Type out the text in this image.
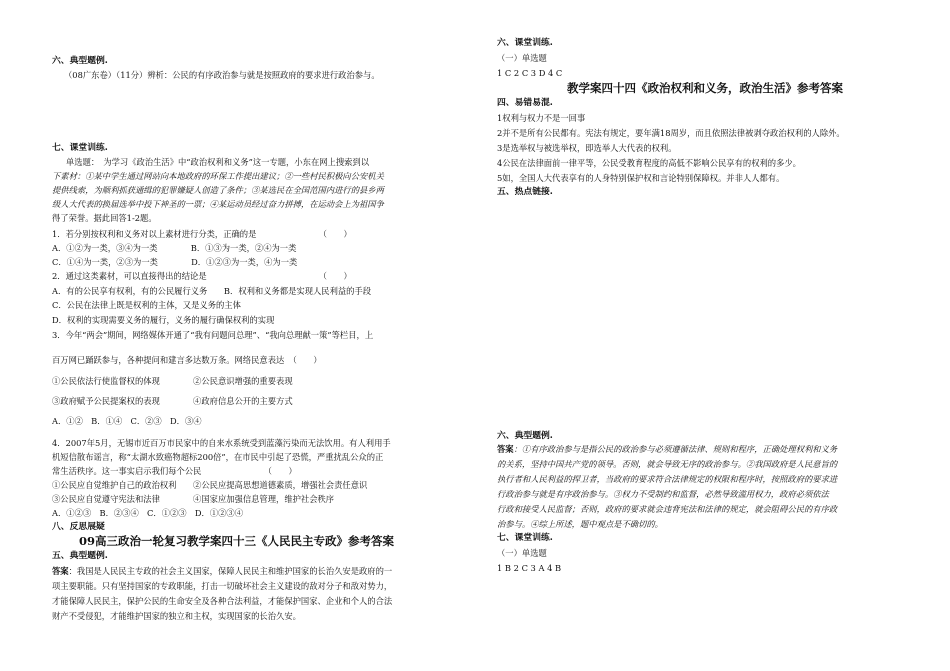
六、典型题例.
（08广东卷）（11分）辨析：公民的有序政治参与就是按照政府的要求进行政治参与。
七、课堂训练.
单选题：　为学习《政治生活》中“政治权利和义务”这一专题，小东在网上搜索到以
下素材：①某中学生通过网站向本地政府的环保工作提出建议；②一些村民积极向公安机关
提供线索，为顺利抓获通缉的犯罪嫌疑人创造了条件；③某选民在全国范围内进行的县乡两
级人大代表的换届选举中投下神圣的一票；④某运动员经过奋力拼搏，在运动会上为祖国争
得了荣誉。据此回答1-2题。
1．若分别按权利和义务对以上素材进行分类，正确的是　　　　　　　　（　　）
A．①②为一类，③④为一类　　　　B．①③为一类，②④为一类
C．①④为一类，②③为一类　　　　D．①②③为一类，④为一类
2．通过这类素材，可以直接得出的结论是　　　　　　　　　　　　　　（　　）
A．有的公民享有权利，有的公民履行义务　　B．权利和义务都是实现人民利益的手段
C．公民在法律上既是权利的主体，又是义务的主体
D．权利的实现需要义务的履行，义务的履行确保权利的实现
3．今年“两会”期间，网络媒体开通了“我有问题问总理”、“我向总理献一策”等栏目，上
百万网已踊跃参与，各种提问和建言多达数万条。网络民意表达　（　　）
①公民依法行使监督权的体现　　　　②公民意识增强的重要表现
③政府赋予公民提案权的表现　　　　④政府信息公开的主要方式
A．①②　B．①④　C．②③　D．③④
4．2007年5月，无锡市近百万市民家中的自来水系统受到蓝藻污染而无法饮用。有人利用手
机短信散布谣言，称“太湖水致癌物超标200倍”，在市民中引起了恐慌，严重扰乱公众的正
常生活秩序。这一事实启示我们每个公民　　　　　　　　（　　）
①公民应自觉维护自己的政治权利　　②公民应提高思想道德素质，增强社会责任意识
③公民应自觉遵守宪法和法律　　　　④国家应加强信息管理，维护社会秩序
A．①②③　B．②③④　C．①②③　D．①②③④
八、反思展疑
09高三政治一轮复习教学案四十三《人民民主专政》参考答案
五、典型题例.
答案：我国是人民民主专政的社会主义国家，保障人民民主和维护国家的长治久安是政府的一
项主要职能。只有坚持国家的专政职能，打击一切破坏社会主义建设的敌对分子和敌对势力，
才能保障人民民主，保护公民的生命安全及各种合法利益，才能保护国家、企业和个人的合法
财产不受侵犯，才能维护国家的独立和主权，实现国家的长治久安。
六、课堂训练.
（一）单选题
1 C 2 C 3 D 4 C
教学案四十四《政治权利和义务，政治生活》参考答案
四、易错易混.
1权利与权力不是一回事
2并不是所有公民都有。宪法有规定，要年满18周岁，而且依照法律被剥夺政治权利的人除外。
3是选举权与被选举权，即选举人大代表的权利。
4公民在法律面前一律平等，公民受教育程度的高低不影响公民享有的权利的多少。
5如，全国人大代表享有的人身特别保护权和言论特别保障权。并非人人都有。
五、热点链接.
六、典型题例.
答案：①有序政治参与是指公民的政治参与必须遵循法律、规则和程序，正确处理权利和义务
的关系，坚持中国共产党的领导。否则，就会导致无序的政治参与。②我国政府是人民意旨的
执行者和人民利益的捍卫者，当政府的要求符合法律规定的权限和程序时，按照政府的要求进
行政治参与就是有序政治参与。③权力不受制约和监督，必然导致滥用权力，政府必须依法
行政和接受人民监督；否则，政府的要求就会违背宪法和法律的规定，就会阻碍公民的有序政
治参与。④综上所述，题中观点是不确切的。
七、课堂训练.
（一）单选题
1 B 2 C 3 A 4 B
